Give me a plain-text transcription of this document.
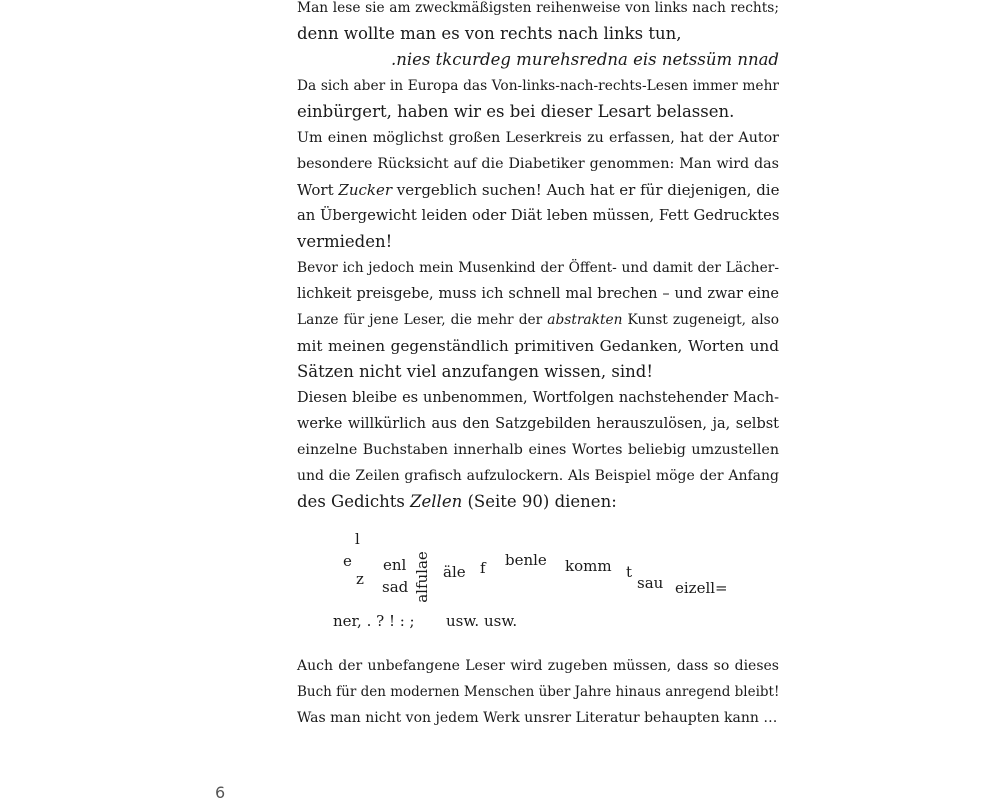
Man lese sie am zweckmäßigsten reihenweise von links nach rechts;

denn wollte man es von rechts nach links tun,

.nies tkcurdeg murehsredna eis netssüm nnad

Da sich aber in Europa das Von-links-nach-rechts-Lesen immer mehr

einbürgert, haben wir es bei dieser Lesart belassen.

Um einen möglichst großen Leserkreis zu erfassen, hat der Autor

besondere Rücksicht auf die Diabetiker genommen: Man wird das

Wort Zucker vergeblich suchen! Auch hat er für diejenigen, die

an Übergewicht leiden oder Diät leben müssen, Fett Gedrucktes

vermieden!

Bevor ich jedoch mein Musenkind der Öffent- und damit der Lächer-

lichkeit preisgebe, muss ich schnell mal brechen – und zwar eine

Lanze für jene Leser, die mehr der abstrakten Kunst zugeneigt, also

mit meinen gegenständlich primitiven Gedanken, Worten und

Sätzen nicht viel anzufangen wissen, sind!

Diesen bleibe es unbenommen, Wortfolgen nachstehender Mach-

werke willkürlich aus den Satzgebilden herauszulösen, ja, selbst

einzelne Buchstaben innerhalb eines Wortes beliebig umzustellen

und die Zeilen grafisch aufzulockern. Als Beispiel möge der Anfang

des Gedichts Zellen (Seite 90) dienen:

l
e
z
enl
sad alfulae äle f benle komm t
sau eizell=
ner, . ? ! : ; usw. usw.

Auch der unbefangene Leser wird zugeben müssen, dass so dieses

Buch für den modernen Menschen über Jahre hinaus anregend bleibt!

Was man nicht von jedem Werk unsrer Literatur behaupten kann …

6
